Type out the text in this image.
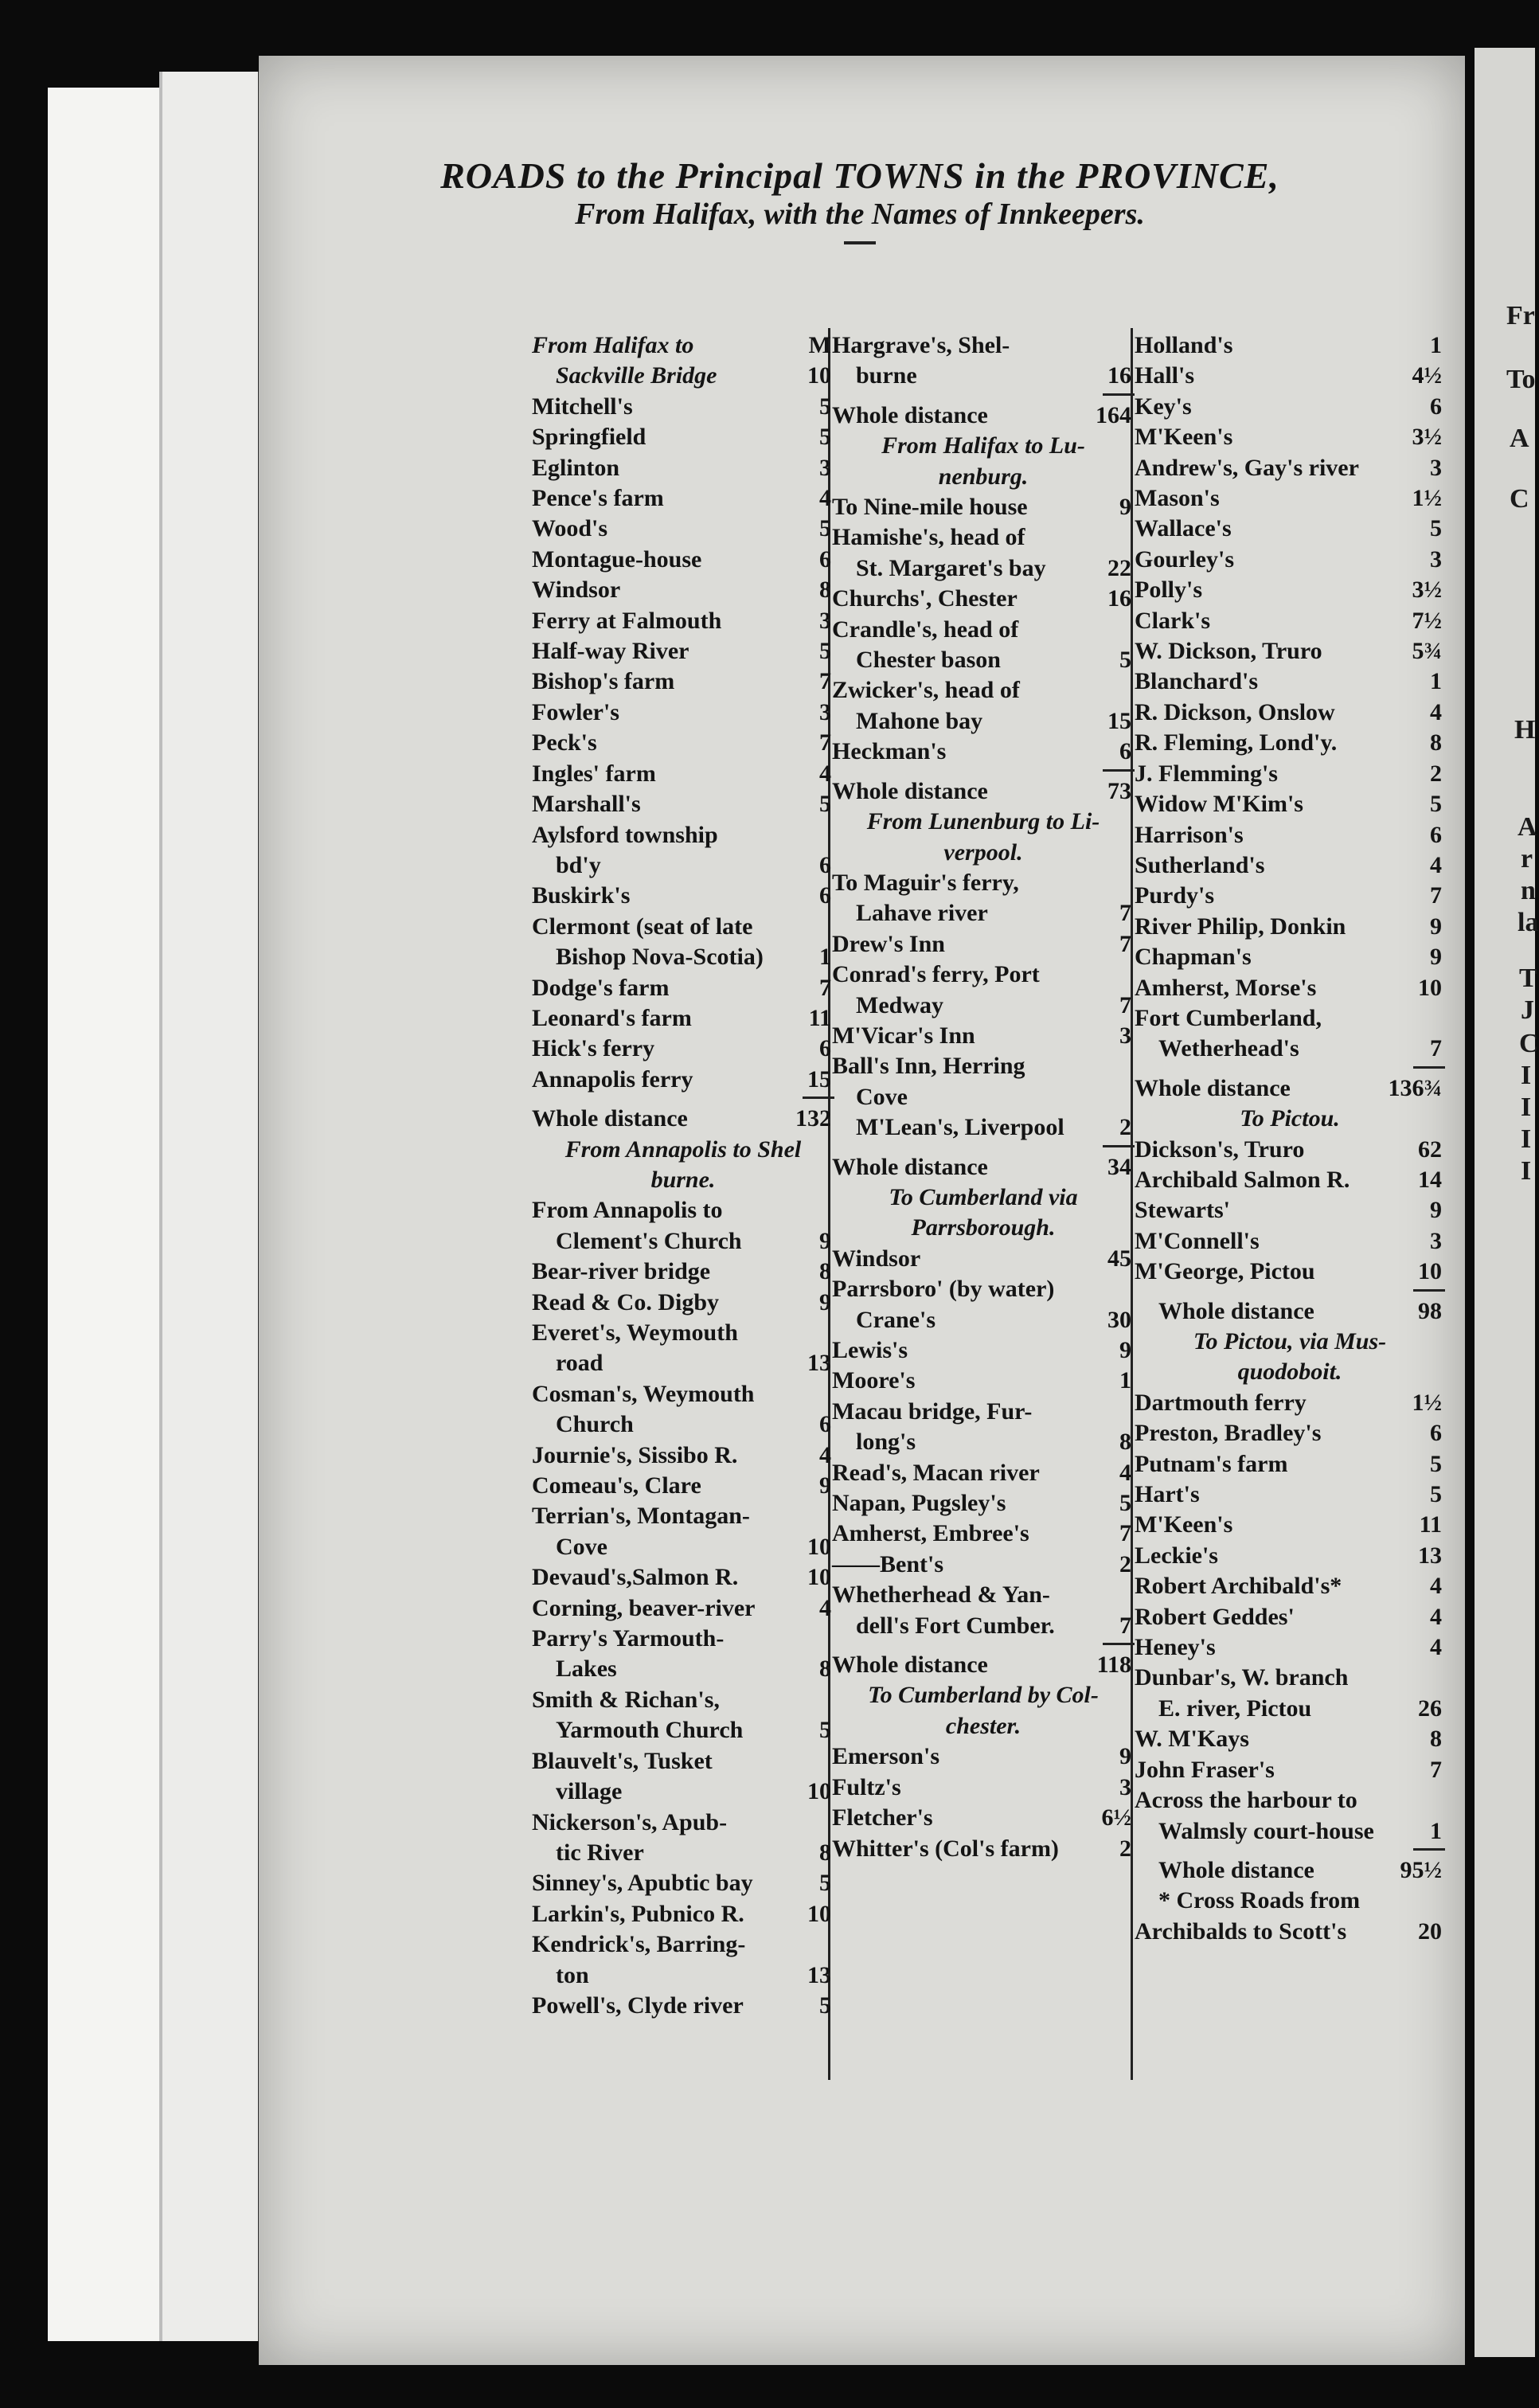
Fr
To
A
C
H
A
r
n
la
T
J
C
I
I
I
I
ROADS to the Principal TOWNS in the PROVINCE,
From Halifax, with the Names of Innkeepers.
From Halifax to	M
Sackville Bridge	10
Mitchell's	5
Springfield	5
Eglinton	3
Pence's farm	4
Wood's	5
Montague-house	6
Windsor	8
Ferry at Falmouth	3
Half-way River	5
Bishop's farm	7
Fowler's	3
Peck's	7
Ingles' farm	4
Marshall's	5
Aylsford township
bd'y	6
Buskirk's	6
Clermont (seat of late
Bishop Nova-Scotia)	1
Dodge's farm	7
Leonard's farm	11
Hick's ferry	6
Annapolis ferry	15
Whole distance	132
From Annapolis to Shel
burne.
From Annapolis to
Clement's Church	9
Bear-river bridge	8
Read & Co. Digby	9
Everet's, Weymouth
road	13
Cosman's, Weymouth
Church	6
Journie's, Sissibo R.	4
Comeau's, Clare	9
Terrian's, Montagan-
Cove	10
Devaud's,Salmon R.	10
Corning, beaver-river	4
Parry's Yarmouth-
Lakes	8
Smith & Richan's,
Yarmouth Church	5
Blauvelt's, Tusket
village	10
Nickerson's, Apub-
tic River	8
Sinney's, Apubtic bay	5
Larkin's, Pubnico R.	10
Kendrick's, Barring-
ton	13
Powell's, Clyde river	5
Hargrave's, Shel-
burne	16
Whole distance	164
From Halifax to Lu-
nenburg.
To Nine-mile house	9
Hamishe's, head of
St. Margaret's bay	22
Churchs', Chester	16
Crandle's, head of
Chester bason	5
Zwicker's, head of
Mahone bay	15
Heckman's	6
Whole distance	73
From Lunenburg to Li-
verpool.
To Maguir's ferry,
Lahave river	7
Drew's Inn	7
Conrad's ferry, Port
Medway	7
M'Vicar's Inn	3
Ball's Inn, Herring
Cove
M'Lean's, Liverpool	2
Whole distance	34
To Cumberland via
Parrsborough.
Windsor	45
Parrsboro' (by water)
Crane's	30
Lewis's	9
Moore's	1
Macau bridge, Fur-
long's	8
Read's, Macan river	4
Napan, Pugsley's	5
Amherst, Embree's	7
——Bent's	2
Whetherhead & Yan-
dell's Fort Cumber.	7
Whole distance	118
To Cumberland by Col-
chester.
Emerson's	9
Fultz's	3
Fletcher's	6½
Whitter's (Col's farm)	2
Holland's	1
Hall's	4½
Key's	6
M'Keen's	3½
Andrew's, Gay's river	3
Mason's	1½
Wallace's	5
Gourley's	3
Polly's	3½
Clark's	7½
W. Dickson, Truro	5¾
Blanchard's	1
R. Dickson, Onslow	4
R. Fleming, Lond'y.	8
J. Flemming's	2
Widow M'Kim's	5
Harrison's	6
Sutherland's	4
Purdy's	7
River Philip, Donkin	9
Chapman's	9
Amherst, Morse's	10
Fort Cumberland,
Wetherhead's	7
Whole distance	136¾
To Pictou.
Dickson's, Truro	62
Archibald Salmon R.	14
Stewarts'	9
M'Connell's	3
M'George, Pictou	10
Whole distance	98
To Pictou, via Mus-
quodoboit.
Dartmouth ferry	1½
Preston, Bradley's	6
Putnam's farm	5
Hart's	5
M'Keen's	11
Leckie's	13
Robert Archibald's*	4
Robert Geddes'	4
Heney's	4
Dunbar's, W. branch
E. river, Pictou	26
W. M'Kays	8
John Fraser's	7
Across the harbour to
Walmsly court-house	1
Whole distance	95½
* Cross Roads from
Archibalds to Scott's	20
